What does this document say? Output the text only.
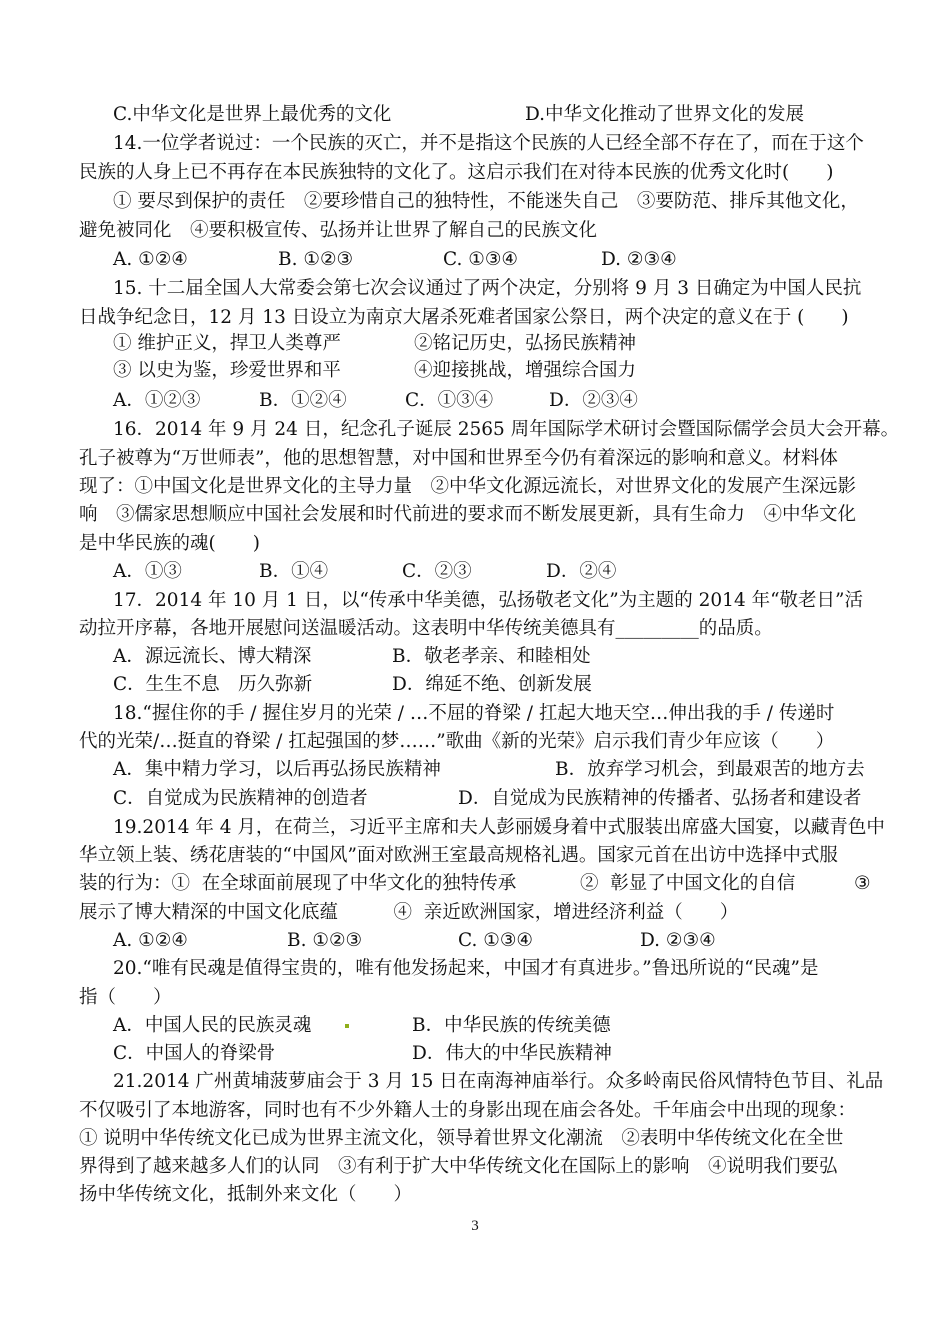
C.中华文化是世界上最优秀的文化	D.中华文化推动了世界文化的发展
14.一位学者说过：一个民族的灭亡，并不是指这个民族的人已经全部不存在了，而在于这个
民族的人身上已不再存在本民族独特的文化了。这启示我们在对待本民族的优秀文化时(　　)
① 要尽到保护的责任　②要珍惜自己的独特性，不能迷失自己　③要防范、排斥其他文化，
避免被同化　④要积极宣传、弘扬并让世界了解自己的民族文化
A. ①②④	B. ①②③	C. ①③④	D. ②③④
15. 十二届全国人大常委会第七次会议通过了两个决定，分别将 9 月 3 日确定为中国人民抗
日战争纪念日，12 月 13 日设立为南京大屠杀死难者国家公祭日，两个决定的意义在于 (　　)
① 维护正义，捍卫人类尊严	②铭记历史，弘扬民族精神
③ 以史为鉴，珍爱世界和平	④迎接挑战，增强综合国力
A．①②③	B．①②④	C．①③④	D．②③④
16．2014 年 9 月 24 日，纪念孔子诞辰 2565 周年国际学术研讨会暨国际儒学会员大会开幕。
孔子被尊为“万世师表”，他的思想智慧，对中国和世界至今仍有着深远的影响和意义。材料体
现了：①中国文化是世界文化的主导力量　②中华文化源远流长，对世界文化的发展产生深远影
响　③儒家思想顺应中国社会发展和时代前进的要求而不断发展更新，具有生命力　④中华文化
是中华民族的魂(　　)
A．①③	B．①④	C．②③	D．②④
17．2014 年 10 月 1 日，以“传承中华美德，弘扬敬老文化”为主题的 2014 年“敬老日”活
动拉开序幕，各地开展慰问送温暖活动。这表明中华传统美德具有_________的品质。
A．源远流长、博大精深	B．敬老孝亲、和睦相处
C．生生不息　历久弥新	D．绵延不绝、创新发展
18.“握住你的手 / 握住岁月的光荣 / …不屈的脊梁 / 扛起大地天空…伸出我的手 / 传递时
代的光荣/…挺直的脊梁 / 扛起强国的梦……”歌曲《新的光荣》启示我们青少年应该（　　）
A．集中精力学习，以后再弘扬民族精神	B．放弃学习机会，到最艰苦的地方去
C．自觉成为民族精神的创造者	D．自觉成为民族精神的传播者、弘扬者和建设者
19.2014 年 4 月，在荷兰，习近平主席和夫人彭丽媛身着中式服装出席盛大国宴，以藏青色中
华立领上装、绣花唐装的“中国风”面对欧洲王室最高规格礼遇。国家元首在出访中选择中式服
装的行为：①  在全球面前展现了中华文化的独特传承	②  彰显了中国文化的自信	③
展示了博大精深的中国文化底蕴　　　④  亲近欧洲国家，增进经济利益（　　）
A. ①②④	B. ①②③	C. ①③④	D. ②③④
20.“唯有民魂是值得宝贵的，唯有他发扬起来，中国才有真进步。”鲁迅所说的“民魂”是
指（　　）
A．中国人民的民族灵魂	B．中华民族的传统美德
C．中国人的脊梁骨	D．伟大的中华民族精神
21.2014 广州黄埔菠萝庙会于 3 月 15 日在南海神庙举行。众多岭南民俗风情特色节目、礼品
不仅吸引了本地游客，同时也有不少外籍人士的身影出现在庙会各处。千年庙会中出现的现象：
① 说明中华传统文化已成为世界主流文化，领导着世界文化潮流　②表明中华传统文化在全世
界得到了越来越多人们的认同　③有利于扩大中华传统文化在国际上的影响　④说明我们要弘
扬中华传统文化，抵制外来文化（　　）
3
